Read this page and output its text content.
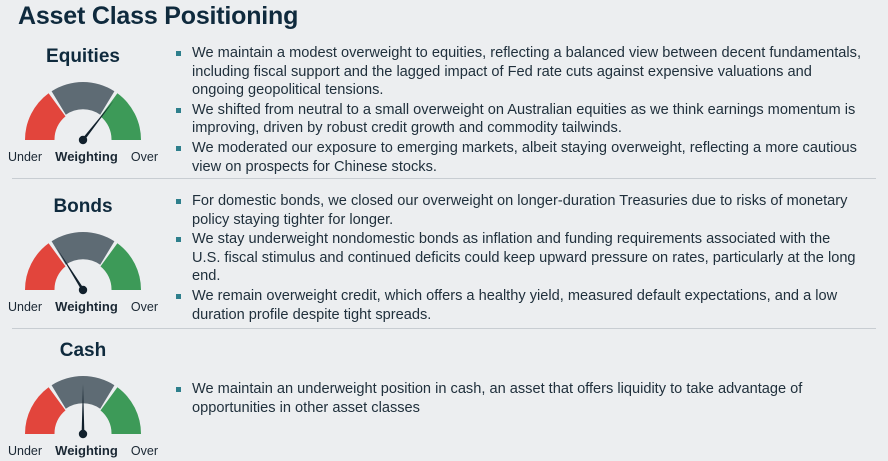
Asset Class Positioning
Equities
Under Weighting Over
We maintain a modest overweight to equities, reflecting a balanced view between decent fundamentals, including fiscal support and the lagged impact of Fed rate cuts against expensive valuations and ongoing geopolitical tensions.
We shifted from neutral to a small overweight on Australian equities as we think earnings momentum is improving, driven by robust credit growth and commodity tailwinds.
We moderated our exposure to emerging markets, albeit staying overweight, reflecting a more cautious view on prospects for Chinese stocks.
Bonds
Under Weighting Over
For domestic bonds, we closed our overweight on longer-duration Treasuries due to risks of monetary policy staying tighter for longer.
We stay underweight nondomestic bonds as inflation and funding requirements associated with the U.S. fiscal stimulus and continued deficits could keep upward pressure on rates, particularly at the long end.
We remain overweight credit, which offers a healthy yield, measured default expectations, and a low duration profile despite tight spreads.
Cash
Under Weighting Over
We maintain an underweight position in cash, an asset that offers liquidity to take advantage of opportunities in other asset classes
